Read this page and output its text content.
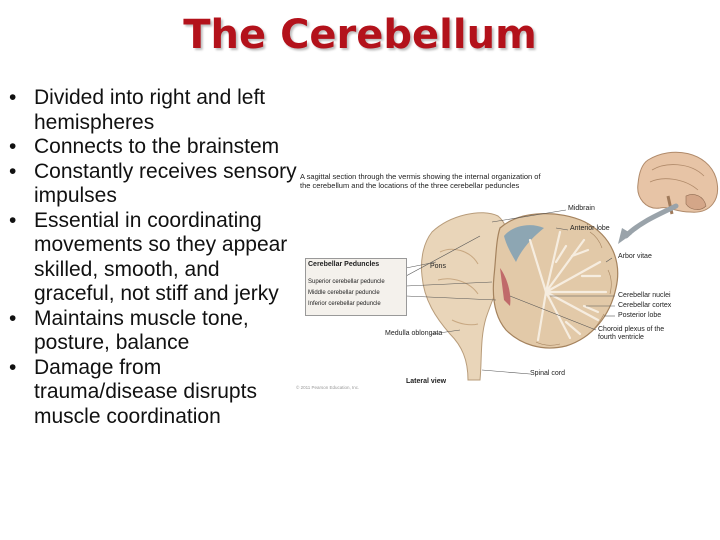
The Cerebellum
• Divided into right and left hemispheres
• Connects to the brainstem
• Constantly receives sensory impulses
• Essential in coordinating movements so they appear skilled, smooth, and graceful, not stiff and jerky
• Maintains muscle tone, posture, balance
• Damage from trauma/disease disrupts muscle coordination
A sagittal section through the vermis showing the internal organization of the cerebellum and the locations of the three cerebellar peduncles
Midbrain
Anterior lobe
Arbor vitae
Pons
Cerebellar nuclei
Cerebellar cortex
Posterior lobe
Choroid plexus of the fourth ventricle
Medulla oblongata
Spinal cord
Lateral view
Cerebellar Peduncles
Superior cerebellar peduncle
Middle cerebellar peduncle
Inferior cerebellar peduncle
© 2011 Pearson Education, Inc.
